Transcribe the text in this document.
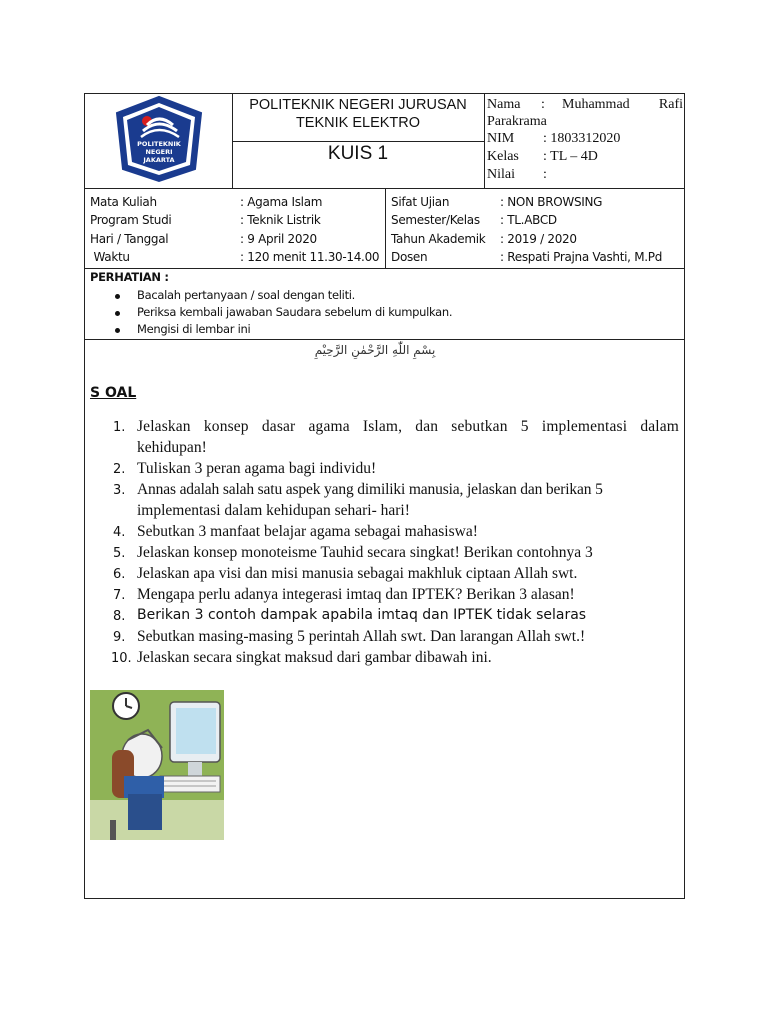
POLITEKNIK
NEGERI
JAKARTA
POLITEKNIK NEGERI JURUSAN
TEKNIK ELEKTRO
KUIS 1
Nama : Muhammad Rafi
Parakrama
NIM : 1803312020
Kelas : TL – 4D
Nilai :
Mata Kuliah	: Agama Islam
Program Studi	: Teknik Listrik
Hari / Tanggal	: 9 April 2020
Waktu	: 120 menit 11.30-14.00
Sifat Ujian	: NON BROWSING
Semester/Kelas : TL.ABCD
Tahun Akademik : 2019 / 2020
Dosen	: Respati Prajna Vashti, M.Pd
PERHATIAN :
Bacalah pertanyaan / soal dengan teliti.
Periksa kembali jawaban Saudara sebelum di kumpulkan.
Mengisi di lembar ini
بِسْمِ اللّٰهِ الرَّحْمٰنِ الرَّحِيْمِ
S OAL
1. Jelaskan konsep dasar agama Islam, dan sebutkan 5 implementasi dalam
kehidupan!
2. Tuliskan 3 peran agama bagi individu!
3. Annas adalah salah satu aspek yang dimiliki manusia, jelaskan dan berikan 5
implementasi dalam kehidupan sehari- hari!
4. Sebutkan 3 manfaat belajar agama sebagai mahasiswa!
5. Jelaskan konsep monoteisme Tauhid secara singkat! Berikan contohnya 3
6. Jelaskan apa visi dan misi manusia sebagai makhluk ciptaan Allah swt.
7. Mengapa perlu adanya integerasi imtaq dan IPTEK? Berikan 3 alasan!
8. Berikan 3 contoh dampak apabila imtaq dan IPTEK tidak selaras
9. Sebutkan masing-masing 5 perintah Allah swt. Dan larangan Allah swt.!
10. Jelaskan secara singkat maksud dari gambar dibawah ini.
